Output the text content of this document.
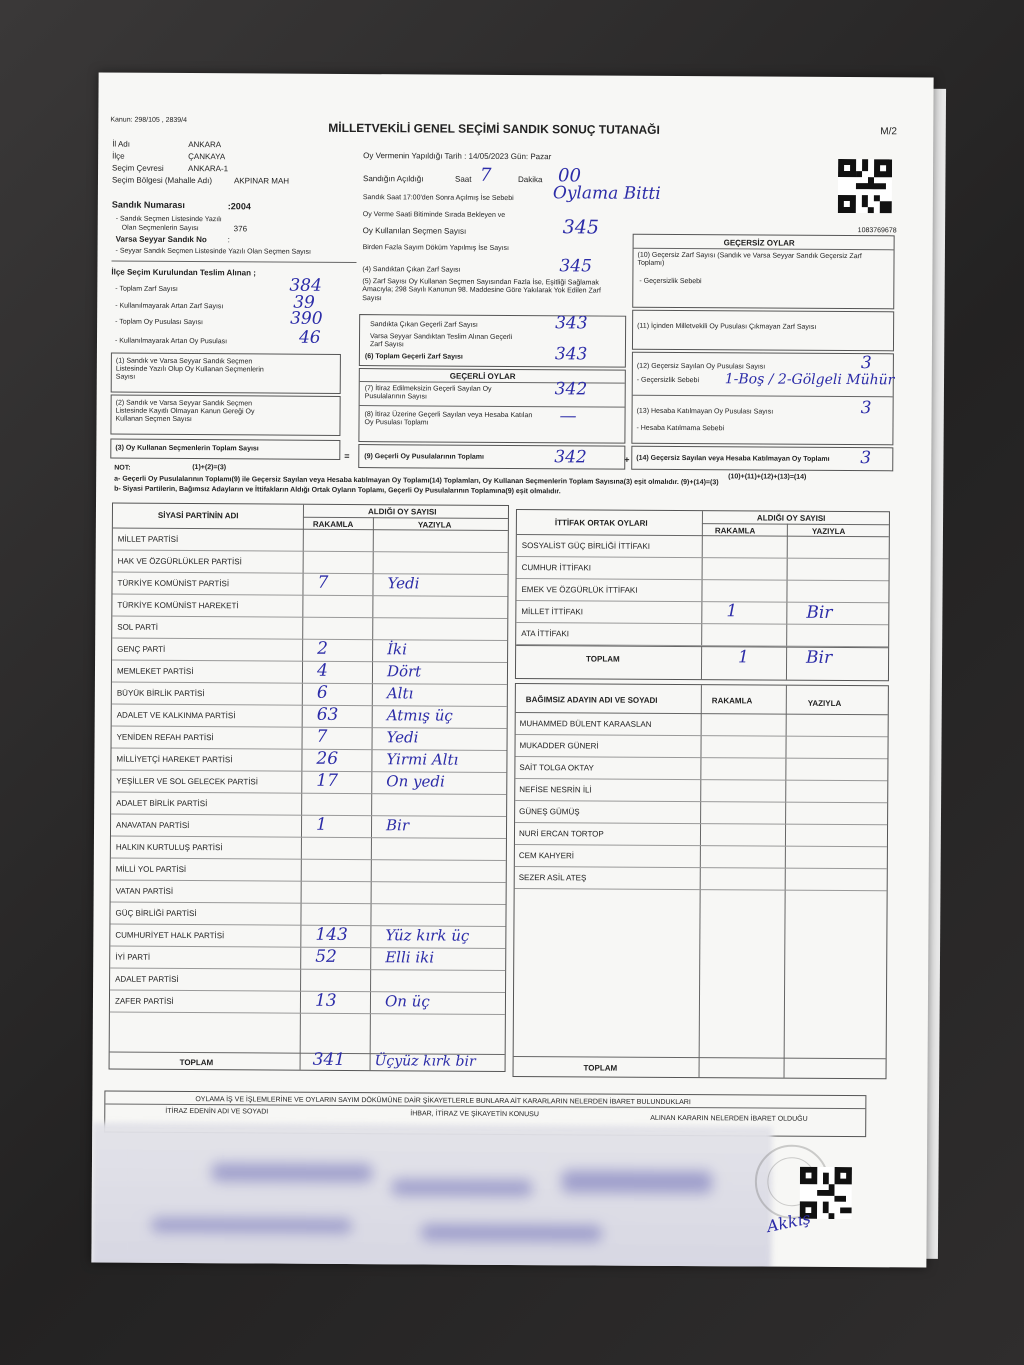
Kanun: 298/105 , 2839/4
MİLLETVEKİLİ GENEL SEÇİMİ SANDIK SONUÇ TUTANAĞI	M/2
1083769678
İl Adı	ANKARA
İlçe	ÇANKAYA
Seçim Çevresi	ANKARA-1
Seçim Bölgesi (Mahalle Adı)	AKPINAR MAH
Sandık Numarası	:2004
- Sandık Seçmen Listesinde Yazılı
Olan Seçmenlerin Sayısı	376
Varsa Seyyar Sandık No	:
- Seyyar Sandık Seçmen Listesinde Yazılı Olan Seçmen Sayısı
Oy Vermenin Yapıldığı Tarih : 14/05/2023 Gün: Pazar
Sandığın Açıldığı	Saat 7	Dakika 00
Sandık Saat 17:00'den Sonra Açılmış İse Sebebi Oylama Bitti
Oy Verme Saati Bitiminde Sırada Bekleyen ve
Oy Kullanılan Seçmen Sayısı	345
Birden Fazla Sayım Döküm Yapılmış İse Sayısı
İlçe Seçim Kurulundan Teslim Alınan ;
- Toplam Zarf Sayısı	384
- Kullanılmayarak Artan Zarf Sayısı	39
- Toplam Oy Pusulası Sayısı	390
- Kullanılmayarak Artan Oy Pusulası	46
(1) Sandık ve Varsa Seyyar Sandık Seçmen Listesinde Yazılı Olup Oy Kullanan Seçmenlerin Sayısı
(2) Sandık ve Varsa Seyyar Sandık Seçmen Listesinde Kayıtlı Olmayan Kanun Gereği Oy Kullanan Seçmen Sayısı
(3) Oy Kullanan Seçmenlerin Toplam Sayısı
=
(4) Sandıktan Çıkan Zarf Sayısı	345
(5) Zarf Sayısı Oy Kullanan Seçmen Sayısından Fazla İse, Eşitliği Sağlamak Amacıyla; 298 Sayılı Kanunun 98. Maddesine Göre Yakılarak Yok Edilen Zarf Sayısı
Sandıkta Çıkan Geçerli Zarf Sayısı	343
Varsa Seyyar Sandıktan Teslim Alınan Geçerli Zarf Sayısı
(6) Toplam Geçerli Zarf Sayısı	343
GEÇERLİ OYLAR
(7) İtiraz Edilmeksizin Geçerli Sayılan Oy Pusulalarının Sayısı	342
(8) İtiraz Üzerine Geçerli Sayılan veya Hesaba Katılan Oy Pusulası Toplamı	—
(9) Geçerli Oy Pusulalarının Toplamı	342	+
GEÇERSİZ OYLAR
(10) Geçersiz Zarf Sayısı (Sandık ve Varsa Seyyar Sandık Geçersiz Zarf Toplamı)
- Geçersizlik Sebebi
(11) İçinden Milletvekili Oy Pusulası Çıkmayan Zarf Sayısı
(12) Geçersiz Sayılan Oy Pusulası Sayısı	3
- Geçersizlik Sebebi 1-Boş / 2-Gölgeli Mühür
(13) Hesaba Katılmayan Oy Pusulası Sayısı	3
- Hesaba Katılmama Sebebi
(14) Geçersiz Sayılan veya Hesaba Katılmayan Oy Toplamı 3
NOT:	(1)+(2)=(3)
(10)+(11)+(12)+(13)=(14)
a- Geçerli Oy Pusulalarının Toplamı(9) ile Geçersiz Sayılan veya Hesaba katılmayan Oy Toplamı(14) Toplamları, Oy Kullanan Seçmenlerin Toplam Sayısına(3) eşit olmalıdır. (9)+(14)=(3)
b- Siyasi Partilerin, Bağımsız Adayların ve İttifakların Aldığı Ortak Oyların Toplamı, Geçerli Oy Pusulalarının Toplamına(9) eşit olmalıdır.
SİYASİ PARTİNİN ADI	ALDIĞI OY SAYISI
RAKAMLA	YAZIYLA
MİLLET PARTİSİ
HAK VE ÖZGÜRLÜKLER PARTİSİ
TÜRKİYE KOMÜNİST PARTİSİ	7	Yedi
TÜRKİYE KOMÜNİST HAREKETİ
SOL PARTİ
GENÇ PARTİ	2	İki
MEMLEKET PARTİSİ	4	Dört
BÜYÜK BİRLİK PARTİSİ	6	Altı
ADALET VE KALKINMA PARTİSİ	63	Atmış üç
YENİDEN REFAH PARTİSİ	7	Yedi
MİLLİYETÇİ HAREKET PARTİSİ	26	Yirmi Altı
YEŞİLLER VE SOL GELECEK PARTİSİ	17	On yedi
ADALET BİRLİK PARTİSİ
ANAVATAN PARTİSİ	1	Bir
HALKIN KURTULUŞ PARTİSİ
MİLLİ YOL PARTİSİ
VATAN PARTİSİ
GÜÇ BİRLİĞİ PARTİSİ
CUMHURİYET HALK PARTİSİ	143 Yüz kırk üç
İYİ PARTİ	52	Elli iki
ADALET PARTİSİ
ZAFER PARTİSİ	13	On üç
TOPLAM	341 Üçyüz kırk bir
İTTİFAK ORTAK OYLARI
ALDIĞI OY SAYISI
RAKAMLA	YAZIYLA
SOSYALİST GÜÇ BİRLİĞİ İTTİFAKI
CUMHUR İTTİFAKI
EMEK VE ÖZGÜRLÜK İTTİFAKI
MİLLET İTTİFAKI	1	Bir
ATA İTTİFAKI
TOPLAM	1	Bir
BAĞIMSIZ ADAYIN ADI VE SOYADI	RAKAMLA	YAZIYLA
MUHAMMED BÜLENT KARAASLAN
MUKADDER GÜNERİ
SAİT TOLGA OKTAY
NEFİSE NESRİN İLİ
GÜNEŞ GÜMÜŞ
NURİ ERCAN TORTOP
CEM KAHYERİ
SEZER ASİL ATEŞ
TOPLAM
OYLAMA İŞ VE İŞLEMLERİNE VE OYLARIN SAYIM DÖKÜMÜNE DAİR ŞİKAYETLERLE BUNLARA AİT KARARLARIN NELERDEN İBARET BULUNDUKLARI
İTİRAZ EDENİN ADI VE SOYADI	İHBAR, İTİRAZ VE ŞİKAYETİN KONUSU
ALINAN KARARIN NELERDEN İBARET OLDUĞU
Akkış
